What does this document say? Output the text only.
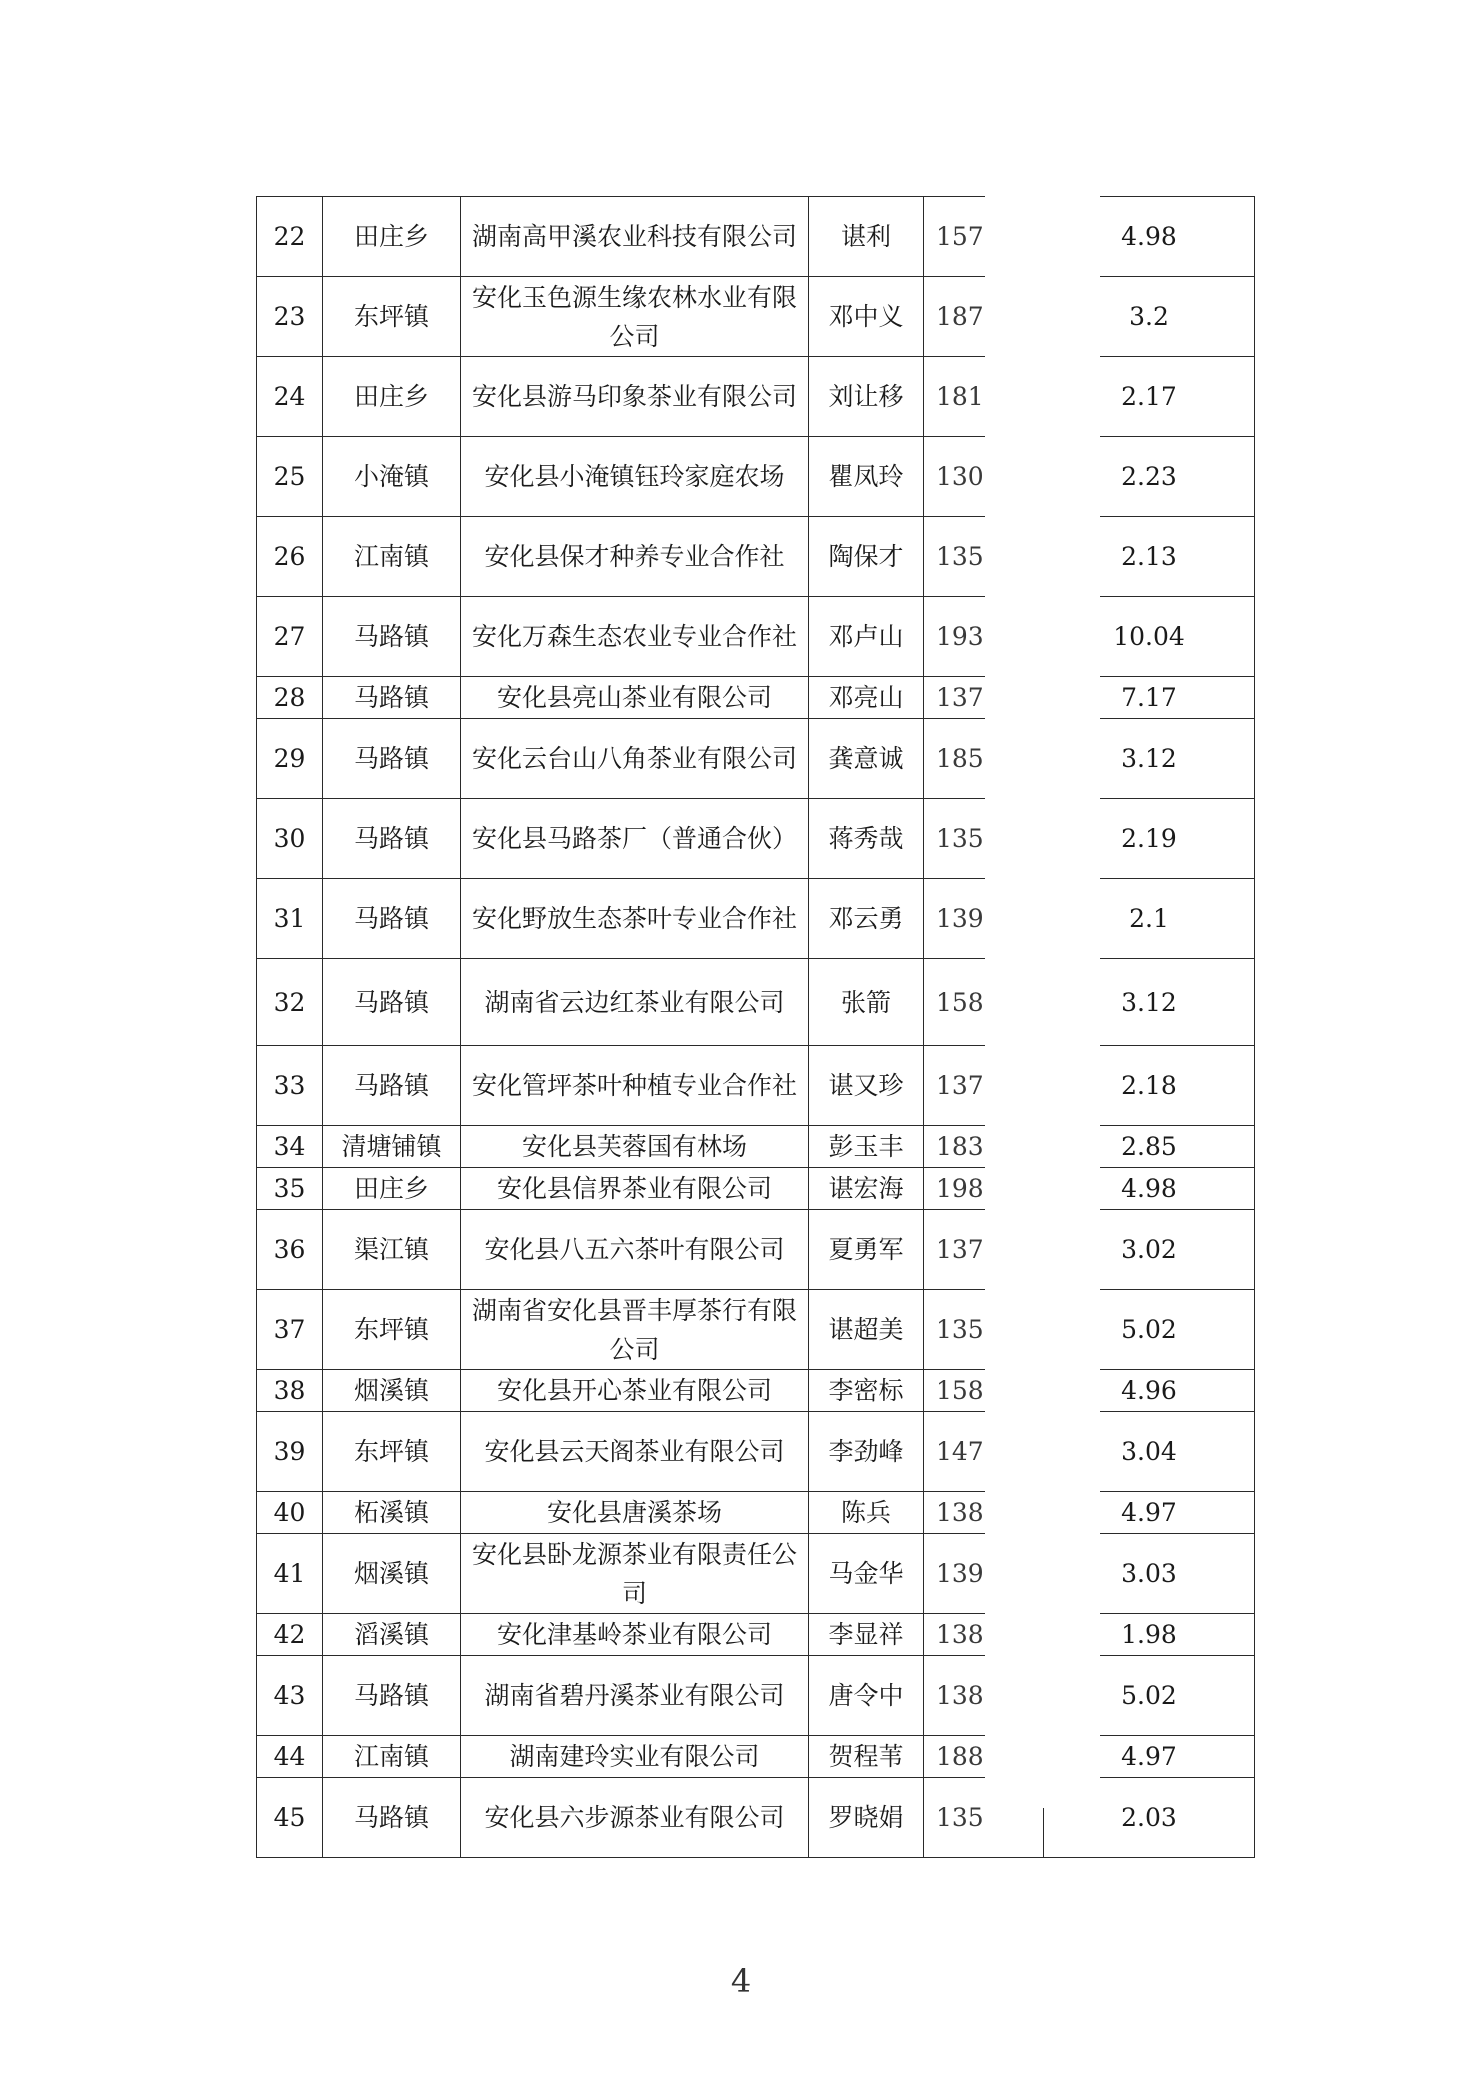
22	田庄乡	湖南高甲溪农业科技有限公司	谌利	157	4.98
23	东坪镇	安化玉色源生缘农林水业有限公司	邓中义	187	3.2
24	田庄乡	安化县游马印象茶业有限公司	刘让移	181	2.17
25	小淹镇	安化县小淹镇钰玲家庭农场	瞿凤玲	130	2.23
26	江南镇	安化县保才种养专业合作社	陶保才	135	2.13
27	马路镇	安化万森生态农业专业合作社	邓卢山	193	10.04
28	马路镇	安化县亮山茶业有限公司	邓亮山	137	7.17
29	马路镇	安化云台山八角茶业有限公司	龚意诚	185	3.12
30	马路镇	安化县马路茶厂（普通合伙）	蒋秀哉	135	2.19
31	马路镇	安化野放生态茶叶专业合作社	邓云勇	139	2.1
32	马路镇	湖南省云边红茶业有限公司	张箭	158	3.12
33	马路镇	安化管坪茶叶种植专业合作社	谌又珍	137	2.18
34	清塘铺镇	安化县芙蓉国有林场	彭玉丰	183	2.85
35	田庄乡	安化县信界茶业有限公司	谌宏海	198	4.98
36	渠江镇	安化县八五六茶叶有限公司	夏勇军	137	3.02
37	东坪镇	湖南省安化县晋丰厚茶行有限公司	谌超美	135	5.02
38	烟溪镇	安化县开心茶业有限公司	李密标	158	4.96
39	东坪镇	安化县云天阁茶业有限公司	李劲峰	147	3.04
40	柘溪镇	安化县唐溪茶场	陈兵	138	4.97
41	烟溪镇	安化县卧龙源茶业有限责任公司	马金华	139	3.03
42	滔溪镇	安化津基岭茶业有限公司	李显祥	138	1.98
43	马路镇	湖南省碧丹溪茶业有限公司	唐令中	138	5.02
44	江南镇	湖南建玲实业有限公司	贺程苇	188	4.97
45	马路镇	安化县六步源茶业有限公司	罗晓娟	135	2.03
4
